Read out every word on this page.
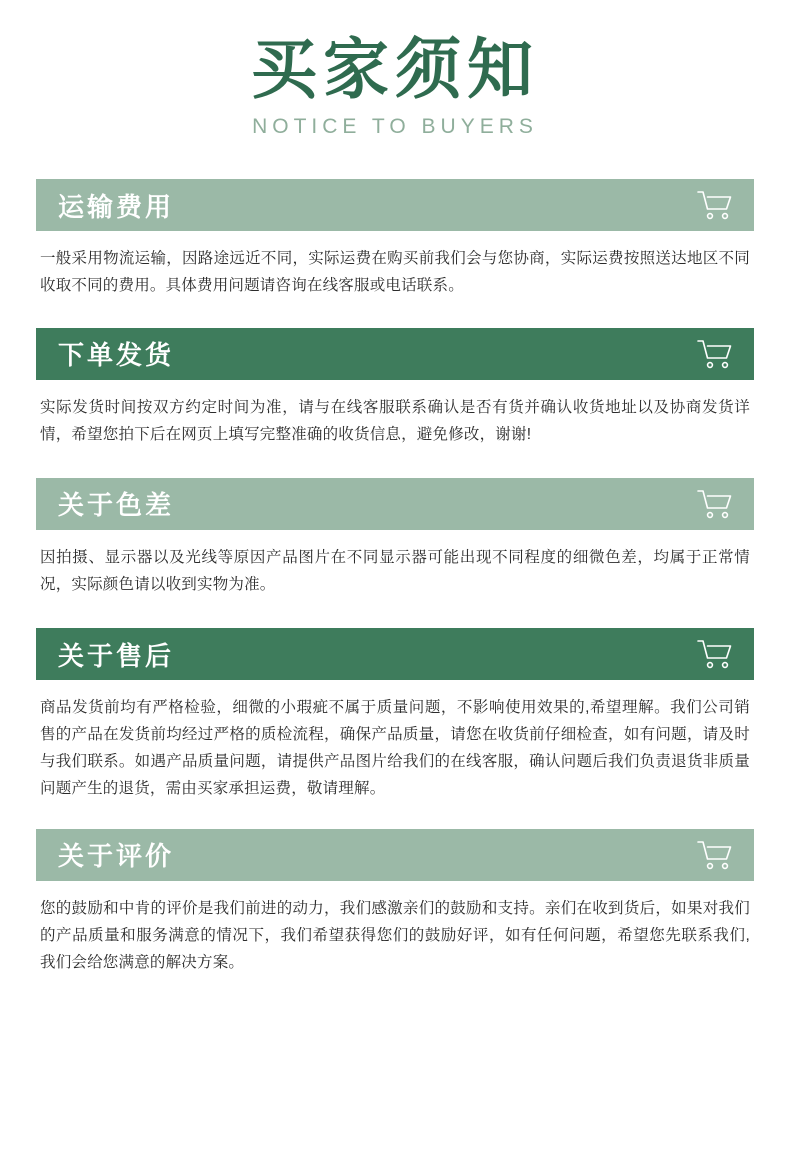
买家须知
NOTICE TO BUYERS
运输费用
一般采用物流运输，因路途远近不同，实际运费在购买前我们会与您协商，实际运费按照送达地区不同收取不同的费用。具体费用问题请咨询在线客服或电话联系。
下单发货
实际发货时间按双方约定时间为准，请与在线客服联系确认是否有货并确认收货地址以及协商发货详情，希望您拍下后在网页上填写完整准确的收货信息，避免修改，谢谢!
关于色差
因拍摄、显示器以及光线等原因产品图片在不同显示器可能出现不同程度的细微色差，均属于正常情况，实际颜色请以收到实物为准。
关于售后
商品发货前均有严格检验，细微的小瑕疵不属于质量问题，不影响使用效果的,希望理解。我们公司销售的产品在发货前均经过严格的质检流程，确保产品质量，请您在收货前仔细检查，如有问题，请及时与我们联系。如遇产品质量问题，请提供产品图片给我们的在线客服，确认问题后我们负责退货非质量问题产生的退货，需由买家承担运费，敬请理解。
关于评价
您的鼓励和中肯的评价是我们前进的动力，我们感激亲们的鼓励和支持。亲们在收到货后，如果对我们的产品质量和服务满意的情况下，我们希望获得您们的鼓励好评，如有任何问题，希望您先联系我们,我们会给您满意的解决方案。
